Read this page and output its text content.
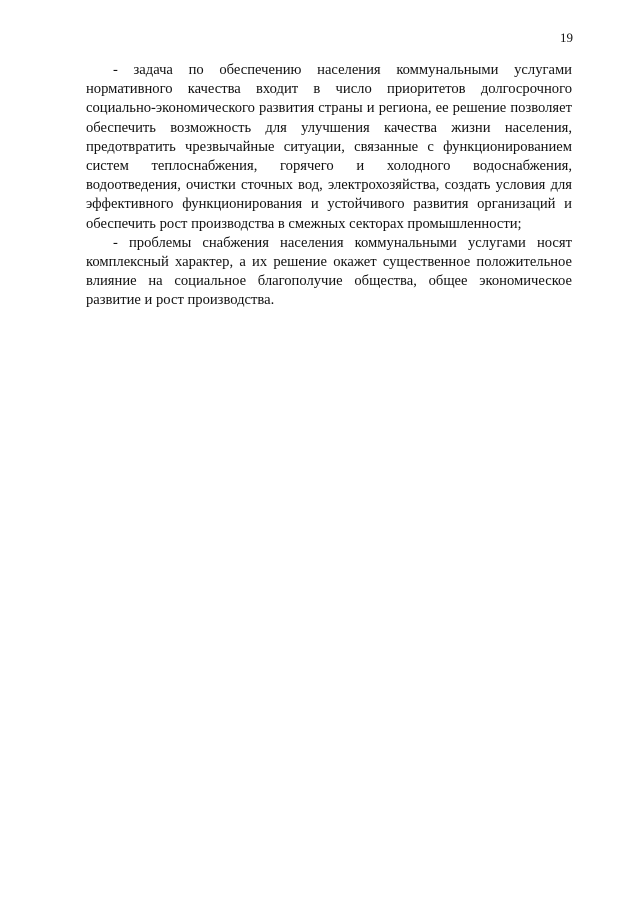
19

- задача по обеспечению населения коммунальными услугами нормативного качества входит в число приоритетов долгосрочного социально-экономического развития страны и региона, ее решение позволяет обеспечить возможность для улучшения качества жизни населения, предотвратить чрезвычайные ситуации, связанные с функционированием систем теплоснабжения, горячего и холодного водоснабжения, водоотведения, очистки сточных вод, электрохозяйства, создать условия для эффективного функционирования и устойчивого развития организаций и обеспечить рост производства в смежных секторах промышленности;

- проблемы снабжения населения коммунальными услугами носят комплексный характер, а их решение окажет существенное положительное влияние на социальное благополучие общества, общее экономическое развитие и рост производства.
